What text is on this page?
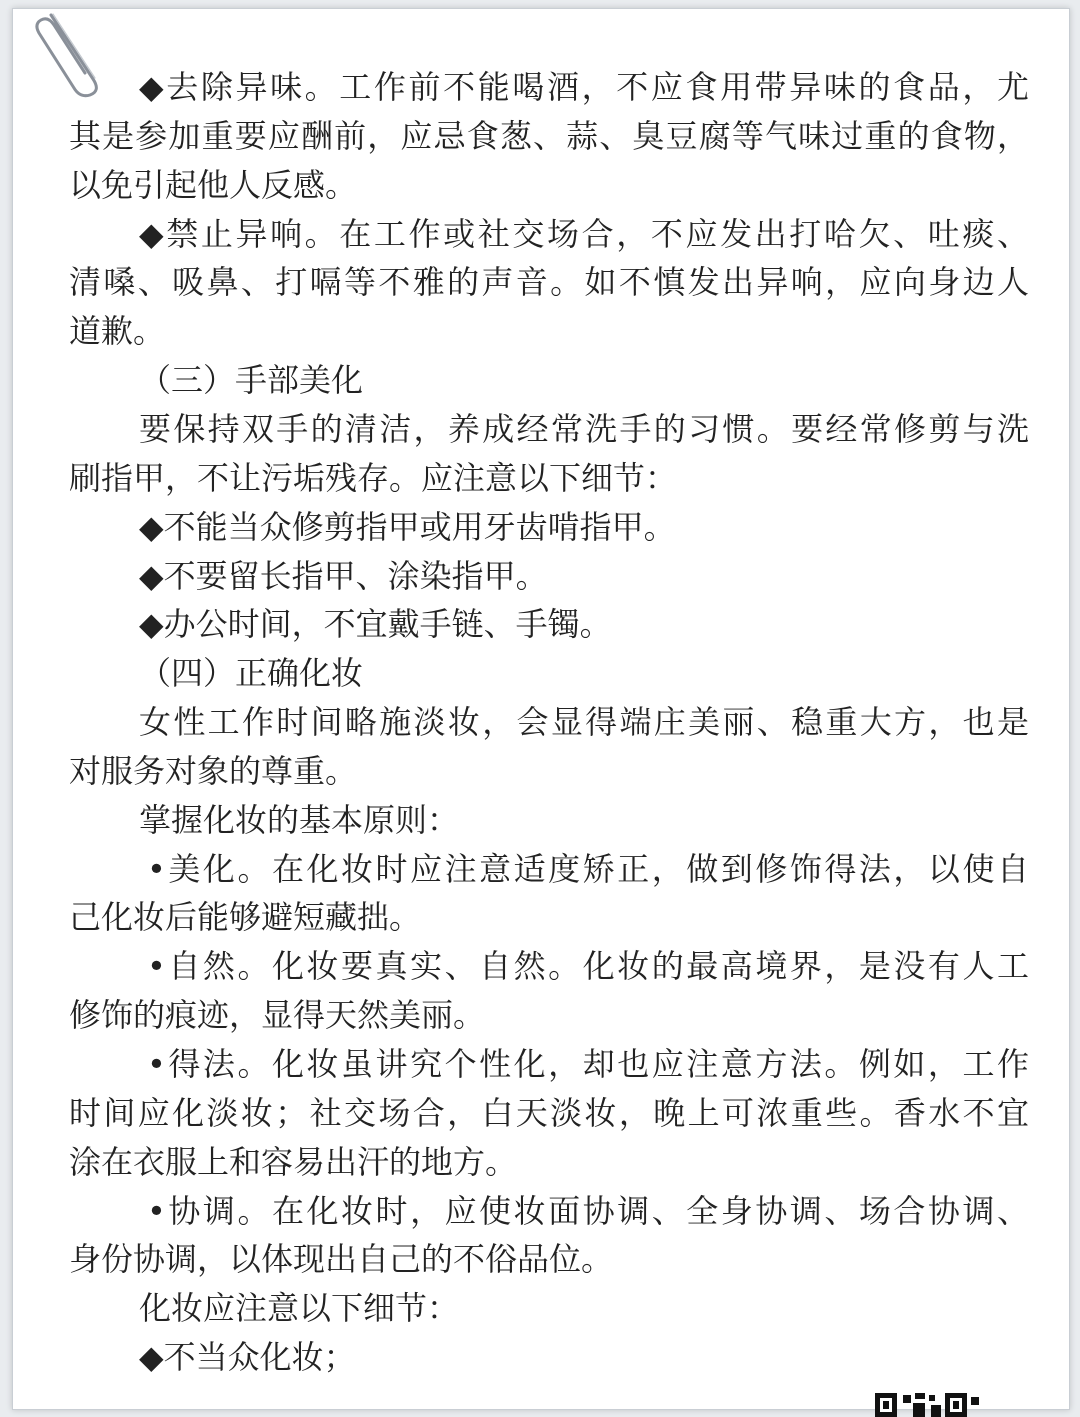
◆去除异味。工作前不能喝酒，不应食用带异味的食品，尤
其是参加重要应酬前，应忌食葱、蒜、臭豆腐等气味过重的食物，
以免引起他人反感。
◆禁止异响。在工作或社交场合，不应发出打哈欠、吐痰、
清嗓、吸鼻、打嗝等不雅的声音。如不慎发出异响，应向身边人
道歉。
（三）手部美化
要保持双手的清洁，养成经常洗手的习惯。要经常修剪与洗
刷指甲，不让污垢残存。应注意以下细节：
◆不能当众修剪指甲或用牙齿啃指甲。
◆不要留长指甲、涂染指甲。
◆办公时间，不宜戴手链、手镯。
（四）正确化妆
女性工作时间略施淡妆，会显得端庄美丽、稳重大方，也是
对服务对象的尊重。
掌握化妆的基本原则：
•美化。在化妆时应注意适度矫正，做到修饰得法，以使自
己化妆后能够避短藏拙。
•自然。化妆要真实、自然。化妆的最高境界，是没有人工
修饰的痕迹，显得天然美丽。
•得法。化妆虽讲究个性化，却也应注意方法。例如，工作
时间应化淡妆；社交场合，白天淡妆，晚上可浓重些。香水不宜
涂在衣服上和容易出汗的地方。
•协调。在化妆时，应使妆面协调、全身协调、场合协调、
身份协调，以体现出自己的不俗品位。
化妆应注意以下细节：
◆不当众化妆；
